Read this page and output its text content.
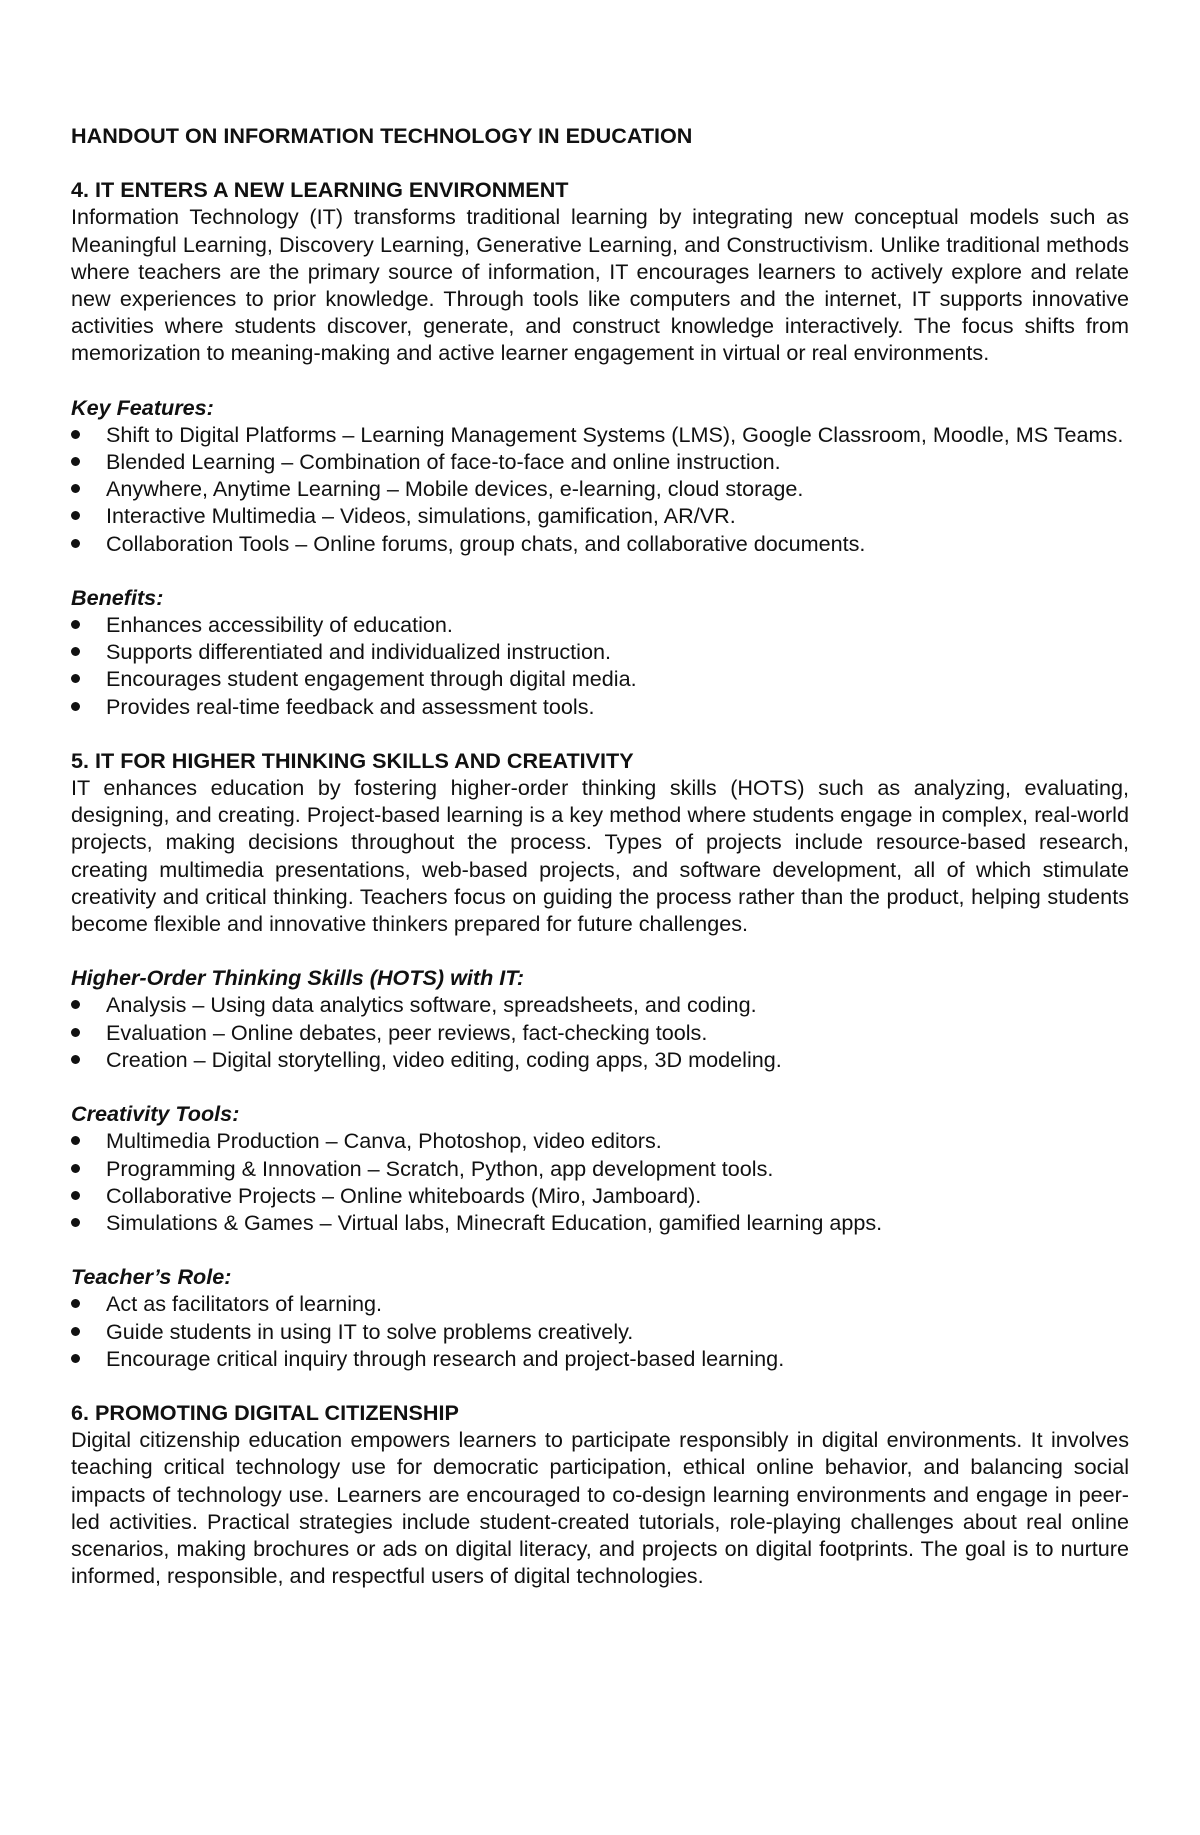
HANDOUT ON INFORMATION TECHNOLOGY IN EDUCATION

4. IT ENTERS A NEW LEARNING ENVIRONMENT

Information Technology (IT) transforms traditional learning by integrating new conceptual models such as Meaningful Learning, Discovery Learning, Generative Learning, and Constructivism. Unlike traditional methods where teachers are the primary source of information, IT encourages learners to actively explore and relate new experiences to prior knowledge. Through tools like computers and the internet, IT supports innovative activities where students discover, generate, and construct knowledge interactively. The focus shifts from memorization to meaning-making and active learner engagement in virtual or real environments.

Key Features:

Shift to Digital Platforms – Learning Management Systems (LMS), Google Classroom, Moodle, MS Teams.
Blended Learning – Combination of face-to-face and online instruction.
Anywhere, Anytime Learning – Mobile devices, e-learning, cloud storage.
Interactive Multimedia – Videos, simulations, gamification, AR/VR.
Collaboration Tools – Online forums, group chats, and collaborative documents.

Benefits:

Enhances accessibility of education.
Supports differentiated and individualized instruction.
Encourages student engagement through digital media.
Provides real-time feedback and assessment tools.

5. IT FOR HIGHER THINKING SKILLS AND CREATIVITY

IT enhances education by fostering higher-order thinking skills (HOTS) such as analyzing, evaluating, designing, and creating. Project-based learning is a key method where students engage in complex, real-world projects, making decisions throughout the process. Types of projects include resource-based research, creating multimedia presentations, web-based projects, and software development, all of which stimulate creativity and critical thinking. Teachers focus on guiding the process rather than the product, helping students become flexible and innovative thinkers prepared for future challenges.

Higher-Order Thinking Skills (HOTS) with IT:

Analysis – Using data analytics software, spreadsheets, and coding.
Evaluation – Online debates, peer reviews, fact-checking tools.
Creation – Digital storytelling, video editing, coding apps, 3D modeling.

Creativity Tools:

Multimedia Production – Canva, Photoshop, video editors.
Programming & Innovation – Scratch, Python, app development tools.
Collaborative Projects – Online whiteboards (Miro, Jamboard).
Simulations & Games – Virtual labs, Minecraft Education, gamified learning apps.

Teacher’s Role:

Act as facilitators of learning.
Guide students in using IT to solve problems creatively.
Encourage critical inquiry through research and project-based learning.

6. PROMOTING DIGITAL CITIZENSHIP

Digital citizenship education empowers learners to participate responsibly in digital environments. It involves teaching critical technology use for democratic participation, ethical online behavior, and balancing social impacts of technology use. Learners are encouraged to co-design learning environments and engage in peer-led activities. Practical strategies include student-created tutorials, role-playing challenges about real online scenarios, making brochures or ads on digital literacy, and projects on digital footprints. The goal is to nurture informed, responsible, and respectful users of digital technologies.
